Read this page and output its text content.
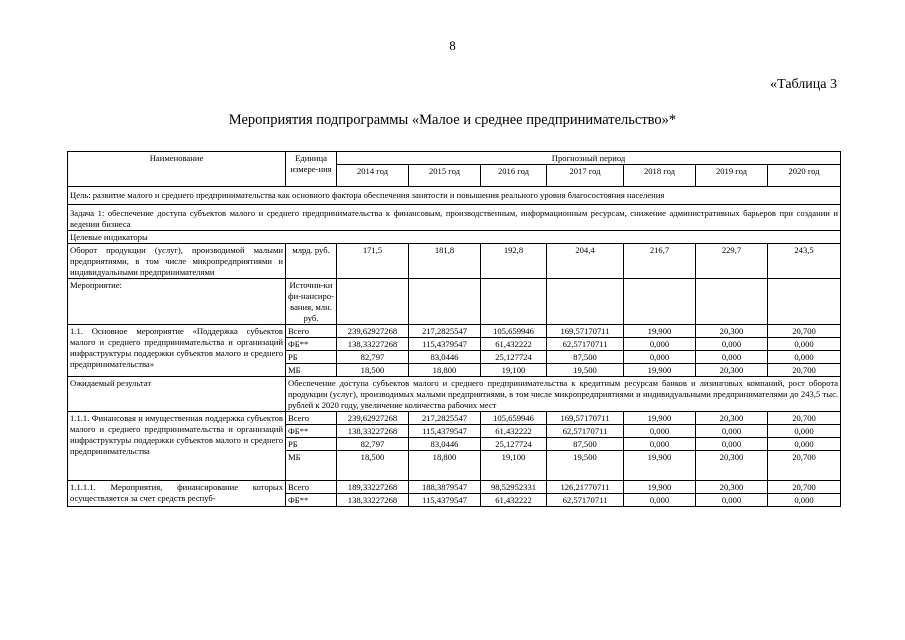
8
«Таблица 3
Мероприятия подпрограммы «Малое и среднее предпринимательство»*
Наименование	Единица измере-ния	Прогнозный период						
		2014 год	2015 год	2016 год	2017 год	2018 год	2019 год	2020 год
Цель: развитие малого и среднего предпринимательства как основного фактора обеспечения занятости и повышения реального уровня благосостояния населения								
Задача 1: обеспечение доступа субъектов малого и среднего предпринимательства к финансовым, производственным, информационным ресурсам, снижение административных барьеров при создании и ведении бизнеса								
Целевые индикаторы								
Оборот продукции (услуг), производимой малыми предприятиями, в том числе микропредприятиями и индивидуальными предпринимателями	млрд. руб.	171,5	181,8	192,8	204,4	216,7	229,7	243,5
Мероприятие:	Источни-ки фи-нансиро-вания, млн. руб.							
1.1. Основное мероприятие «Поддержка субъектов малого и среднего предпринимательства и организаций инфраструктуры поддержки субъектов малого и среднего предпринимательства»	Всего	239,62927268	217,2825547	105,659946	169,57170711	19,900	20,300	20,700
	ФБ**	138,33227268	115,4379547	61,432222	62,57170711	0,000	0,000	0,000
	РБ	82,797	83,0446	25,127724	87,500	0,000	0,000	0,000
	МБ	18,500	18,800	19,100	19,500	19,900	20,300	20,700
Ожидаемый результат	Обеспечение доступа субъектов малого и среднего предпринимательства к кредитным ресурсам банков и лизинговых компаний, рост оборота продукции (услуг), производимых малыми предприятиями, в том числе микропредприятиями и индивидуальными предпринимателями до 243,5 тыс. рублей к 2020 году, увеличение количества рабочих мест							
1.1.1. Финансовая и имущественная поддержка субъектов малого и среднего предпринимательства и организаций инфраструктуры поддержки субъектов малого и среднего предпринимательства	Всего	239,62927268	217,2825547	105,659946	169,57170711	19,900	20,300	20,700
	ФБ**	138,33227268	115,4379547	61,432222	62,57170711	0,000	0,000	0,000
	РБ	82,797	83,0446	25,127724	87,500	0,000	0,000	0,000
	МБ	18,500	18,800	19,100	19,500	19,900	20,300	20,700
1.1.1.1. Мероприятия, финансирование которых осуществляется за счет средств респуб-	Всего	189,33227268	188,3879547	98,52952331	126,21770711	19,900	20,300	20,700
	ФБ**	138,33227268	115,4379547	61,432222	62,57170711	0,000	0,000	0,000
